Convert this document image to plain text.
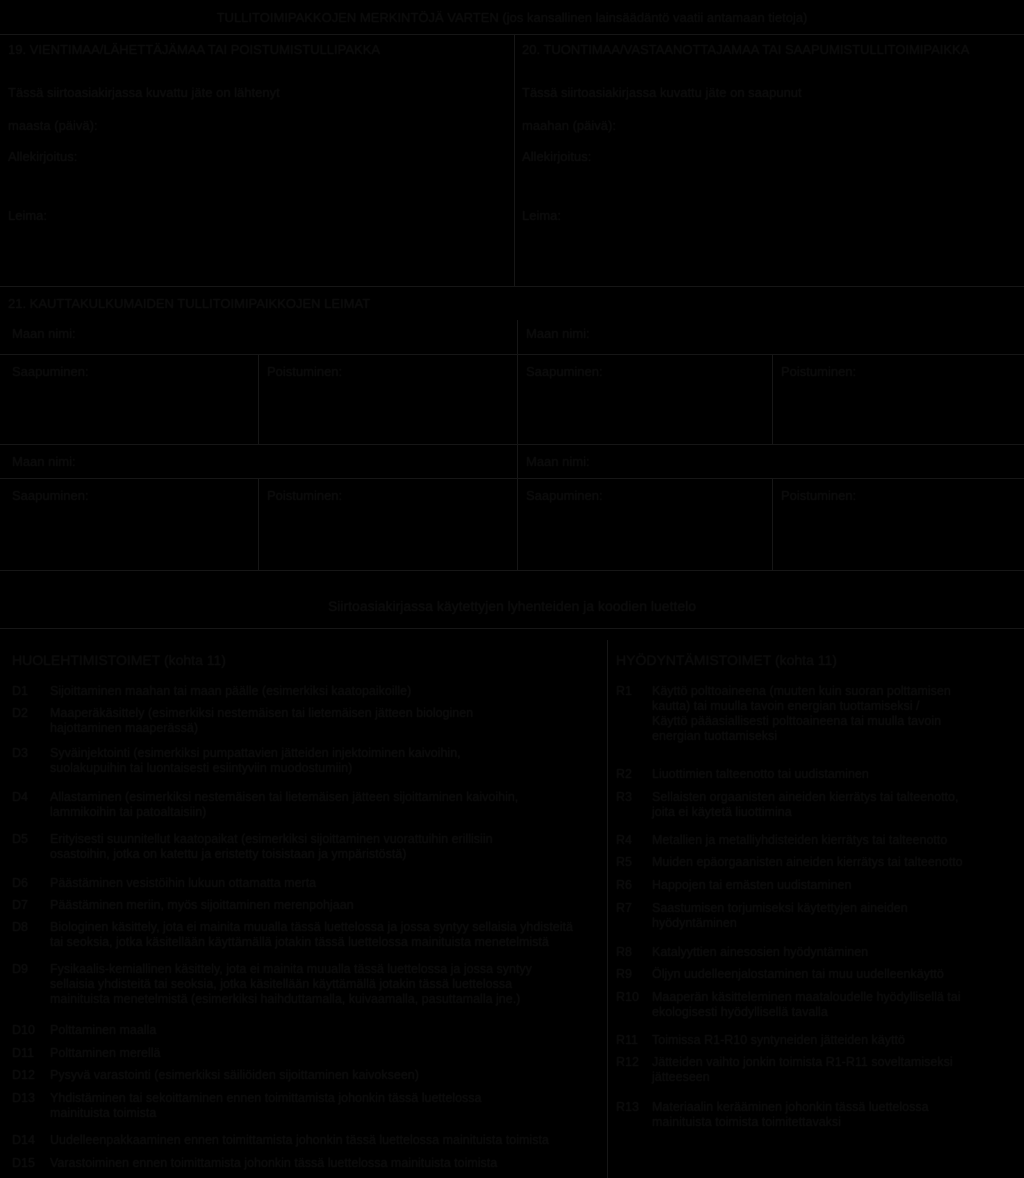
TULLITOIMIPAKKOJEN MERKINTÖJÄ VARTEN (jos kansallinen lainsäädäntö vaatii antamaan tietoja)
19. VIENTIMAA/LÄHETTÄJÄMAA TAI POISTUMISTULLIPAKKA
Tässä siirtoasiakirjassa kuvattu jäte on lähtenyt
maasta (päivä):
Allekirjoitus:
Leima:
20. TUONTIMAA/VASTAANOTTAJAMAA TAI SAAPUMISTULLITOIMIPAIKKA
Tässä siirtoasiakirjassa kuvattu jäte on saapunut
maahan (päivä):
Allekirjoitus:
Leima:
21. KAUTTAKULKUMAIDEN TULLITOIMIPAIKKOJEN LEIMAT
Maan nimi:	Maan nimi:
Saapuminen:	Poistuminen:	Saapuminen:	Poistuminen:
Maan nimi:	Maan nimi:
Saapuminen:	Poistuminen:	Saapuminen:	Poistuminen:
Siirtoasiakirjassa käytettyjen lyhenteiden ja koodien luettelo
HUOLEHTIMISTOIMET (kohta 11)
D1 Sijoittaminen maahan tai maan päälle (esimerkiksi kaatopaikoille)
D2 Maaperäkäsittely (esimerkiksi nestemäisen tai lietemäisen jätteen biologinen
hajottaminen maaperässä)
D3 Syväinjektointi (esimerkiksi pumpattavien jätteiden injektoiminen kaivoihin,
suolakupuihin tai luontaisesti esiintyviin muodostumiin)
D4 Allastaminen (esimerkiksi nestemäisen tai lietemäisen jätteen sijoittaminen kaivoihin,
lammikoihin tai patoaltaisiin)
D5 Erityisesti suunnitellut kaatopaikat (esimerkiksi sijoittaminen vuorattuihin erillisiin
osastoihin, jotka on katettu ja eristetty toisistaan ja ympäristöstä)
D6 Päästäminen vesistöihin lukuun ottamatta merta
D7 Päästäminen meriin, myös sijoittaminen merenpohjaan
D8 Biologinen käsittely, jota ei mainita muualla tässä luettelossa ja jossa syntyy sellaisia yhdisteitä
tai seoksia, jotka käsitellään käyttämällä jotakin tässä luettelossa mainituista menetelmistä
D9 Fysikaalis-kemiallinen käsittely, jota ei mainita muualla tässä luettelossa ja jossa syntyy
sellaisia yhdisteitä tai seoksia, jotka käsitellään käyttämällä jotakin tässä luettelossa
mainituista menetelmistä (esimerkiksi haihduttamalla, kuivaamalla, pasuttamalla jne.)
D10 Polttaminen maalla
D11 Polttaminen merellä
D12 Pysyvä varastointi (esimerkiksi säiliöiden sijoittaminen kaivokseen)
D13 Yhdistäminen tai sekoittaminen ennen toimittamista johonkin tässä luettelossa
mainituista toimista
D14 Uudelleenpakkaaminen ennen toimittamista johonkin tässä luettelossa mainituista toimista
D15 Varastoiminen ennen toimittamista johonkin tässä luettelossa mainituista toimista
HYÖDYNTÄMISTOIMET (kohta 11)
R1 Käyttö polttoaineena (muuten kuin suoran polttamisen
kautta) tai muulla tavoin energian tuottamiseksi /
Käyttö pääasiallisesti polttoaineena tai muulla tavoin
energian tuottamiseksi
R2 Liuottimien talteenotto tai uudistaminen
R3 Sellaisten orgaanisten aineiden kierrätys tai talteenotto,
joita ei käytetä liuottimina
R4 Metallien ja metalliyhdisteiden kierrätys tai talteenotto
R5 Muiden epäorgaanisten aineiden kierrätys tai talteenotto
R6 Happojen tai emästen uudistaminen
R7 Saastumisen torjumiseksi käytettyjen aineiden
hyödyntäminen
R8 Katalyyttien ainesosien hyödyntäminen
R9 Öljyn uudelleenjalostaminen tai muu uudelleenkäyttö
R10 Maaperän käsitteleminen maataloudelle hyödyllisellä tai
ekologisesti hyödyllisellä tavalla
R11 Toimissa R1-R10 syntyneiden jätteiden käyttö
R12 Jätteiden vaihto jonkin toimista R1-R11 soveltamiseksi
jätteeseen
R13 Materiaalin kerääminen johonkin tässä luettelossa
mainituista toimista toimitettavaksi
